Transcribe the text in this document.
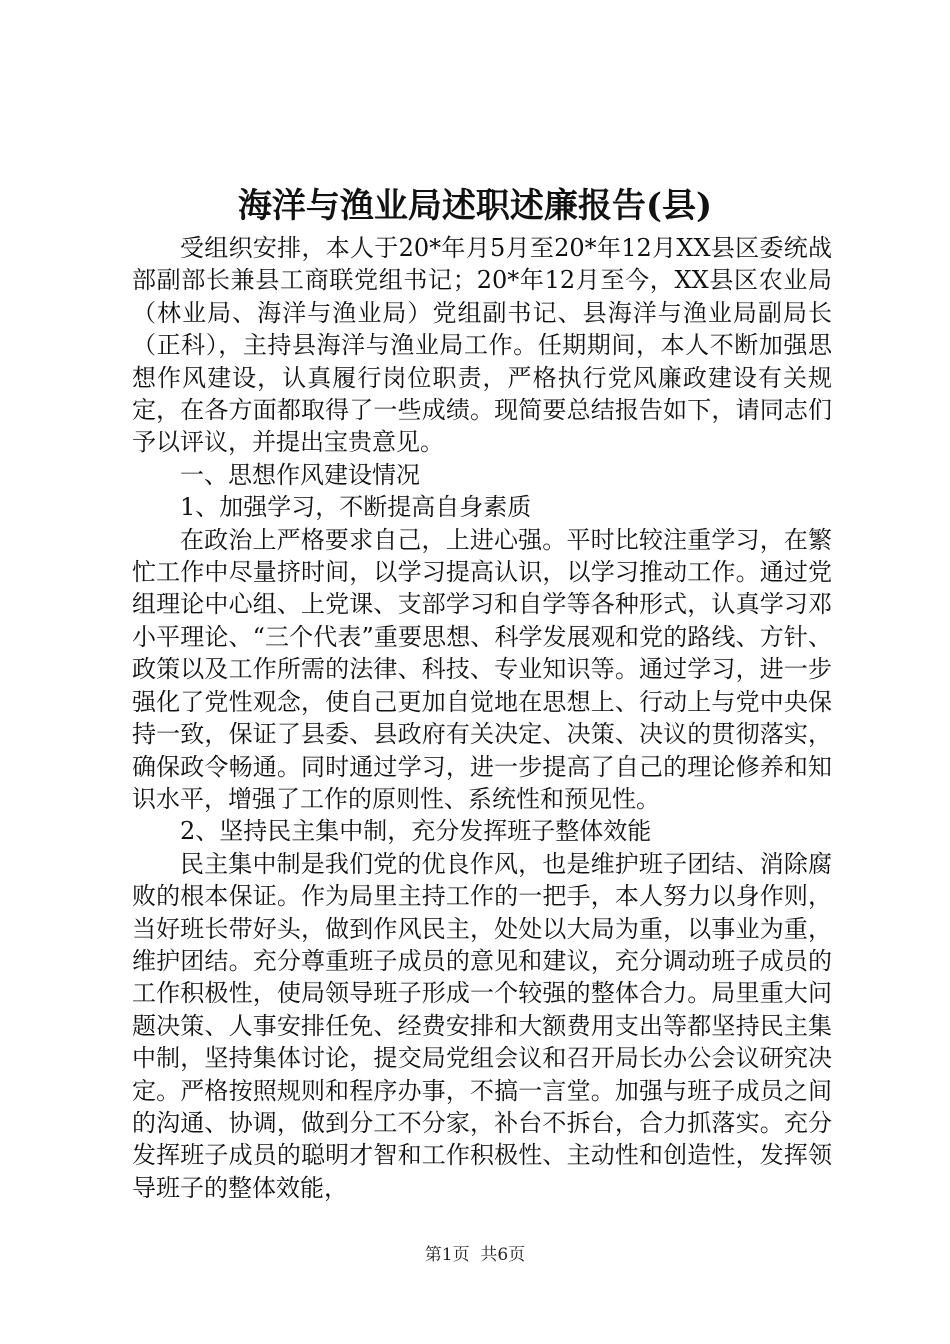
海洋与渔业局述职述廉报告(县)

受组织安排，本人于20*年月5月至20*年12月XX县区委统战部副部长兼县工商联党组书记；20*年12月至今，XX县区农业局（林业局、海洋与渔业局）党组副书记、县海洋与渔业局副局长（正科），主持县海洋与渔业局工作。任期期间，本人不断加强思想作风建设，认真履行岗位职责，严格执行党风廉政建设有关规定，在各方面都取得了一些成绩。现简要总结报告如下，请同志们予以评议，并提出宝贵意见。

一、思想作风建设情况

1、加强学习，不断提高自身素质

在政治上严格要求自己，上进心强。平时比较注重学习，在繁忙工作中尽量挤时间，以学习提高认识，以学习推动工作。通过党组理论中心组、上党课、支部学习和自学等各种形式，认真学习邓小平理论、“三个代表”重要思想、科学发展观和党的路线、方针、政策以及工作所需的法律、科技、专业知识等。通过学习，进一步强化了党性观念，使自己更加自觉地在思想上、行动上与党中央保持一致，保证了县委、县政府有关决定、决策、决议的贯彻落实，确保政令畅通。同时通过学习，进一步提高了自己的理论修养和知识水平，增强了工作的原则性、系统性和预见性。

2、坚持民主集中制，充分发挥班子整体效能

民主集中制是我们党的优良作风，也是维护班子团结、消除腐败的根本保证。作为局里主持工作的一把手，本人努力以身作则，当好班长带好头，做到作风民主，处处以大局为重，以事业为重，维护团结。充分尊重班子成员的意见和建议，充分调动班子成员的工作积极性，使局领导班子形成一个较强的整体合力。局里重大问题决策、人事安排任免、经费安排和大额费用支出等都坚持民主集中制，坚持集体讨论，提交局党组会议和召开局长办公会议研究决定。严格按照规则和程序办事，不搞一言堂。加强与班子成员之间的沟通、协调，做到分工不分家，补台不拆台，合力抓落实。充分发挥班子成员的聪明才智和工作积极性、主动性和创造性，发挥领导班子的整体效能，

第1页 共6页
